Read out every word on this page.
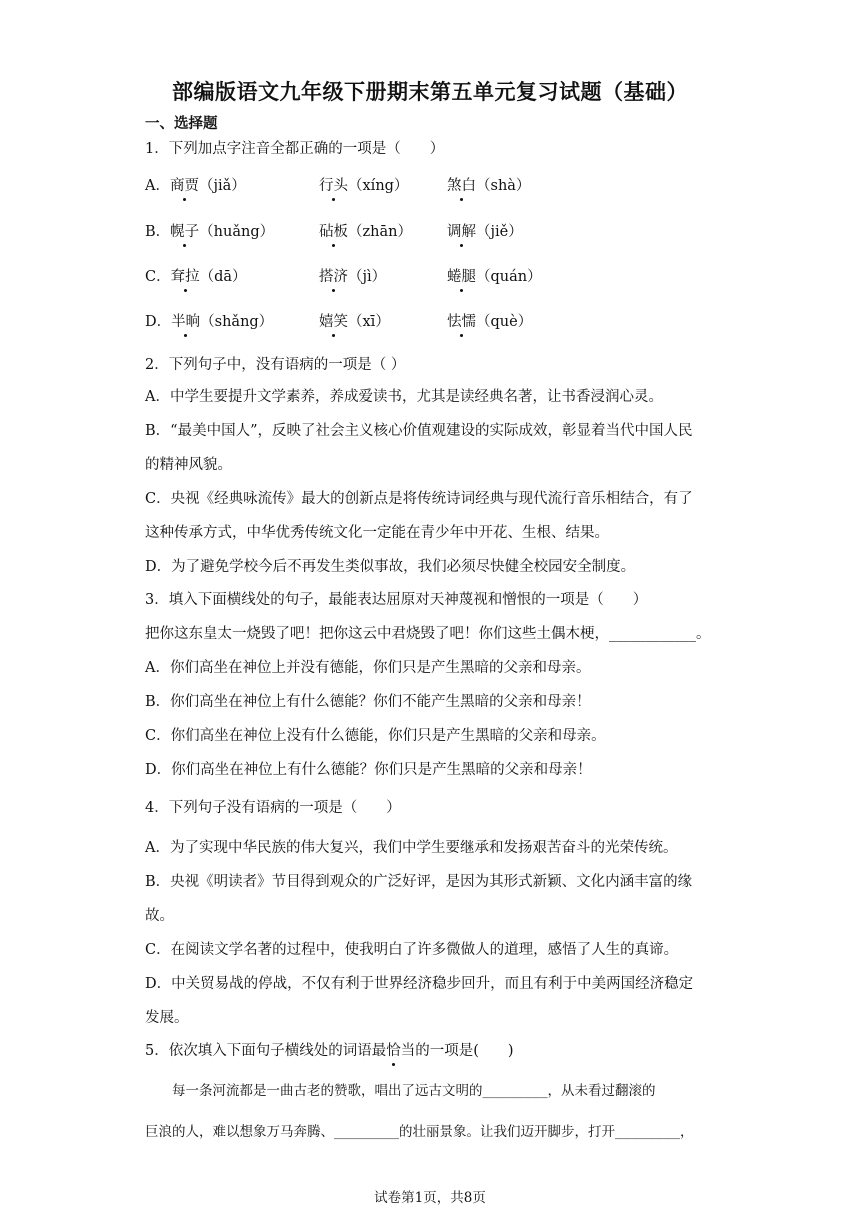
部编版语文九年级下册期末第五单元复习试题（基础）
一、选择题
1．下列加点字注音全都正确的一项是（　　）
A．商贾（jiǎ）	行头（xíng）	煞白（shà）
B．幌子（huǎng）	砧板（zhān） 调解（jiě）
C．耷拉（dā）	搭济（jì）	蜷腿（quán）
D．半晌（shǎng）	嬉笑（xī）	怯懦（què）
2．下列句子中，没有语病的一项是（ ）
A．中学生要提升文学素养，养成爱读书，尤其是读经典名著，让书香浸润心灵。
B．“最美中国人”，反映了社会主义核心价值观建设的实际成效，彰显着当代中国人民
的精神风貌。
C．央视《经典咏流传》最大的创新点是将传统诗词经典与现代流行音乐相结合，有了
这种传承方式，中华优秀传统文化一定能在青少年中开花、生根、结果。
D．为了避免学校今后不再发生类似事故，我们必须尽快健全校园安全制度。
3．填入下面横线处的句子，最能表达屈原对天神蔑视和憎恨的一项是（　　）
把你这东皇太一烧毁了吧！把你这云中君烧毁了吧！你们这些土偶木梗，____________。
A．你们高坐在神位上并没有德能，你们只是产生黑暗的父亲和母亲。
B．你们高坐在神位上有什么德能？你们不能产生黑暗的父亲和母亲！
C．你们高坐在神位上没有什么德能，你们只是产生黑暗的父亲和母亲。
D．你们高坐在神位上有什么德能？你们只是产生黑暗的父亲和母亲！
4．下列句子没有语病的一项是（　　）
A．为了实现中华民族的伟大复兴，我们中学生要继承和发扬艰苦奋斗的光荣传统。
B．央视《明读者》节目得到观众的广泛好评，是因为其形式新颖、文化内涵丰富的缘
故。
C．在阅读文学名著的过程中，使我明白了许多微做人的道理，感悟了人生的真谛。
D．中关贸易战的停战，不仅有利于世界经济稳步回升，而且有利于中美两国经济稳定
发展。
5．依次填入下面句子横线处的词语最恰当的一项是(　　)
　　每一条河流都是一曲古老的赞歌，唱出了远古文明的________，从未看过翻滚的
巨浪的人，难以想象万马奔腾、________的壮丽景象。让我们迈开脚步，打开________，
试卷第1页，共8页
